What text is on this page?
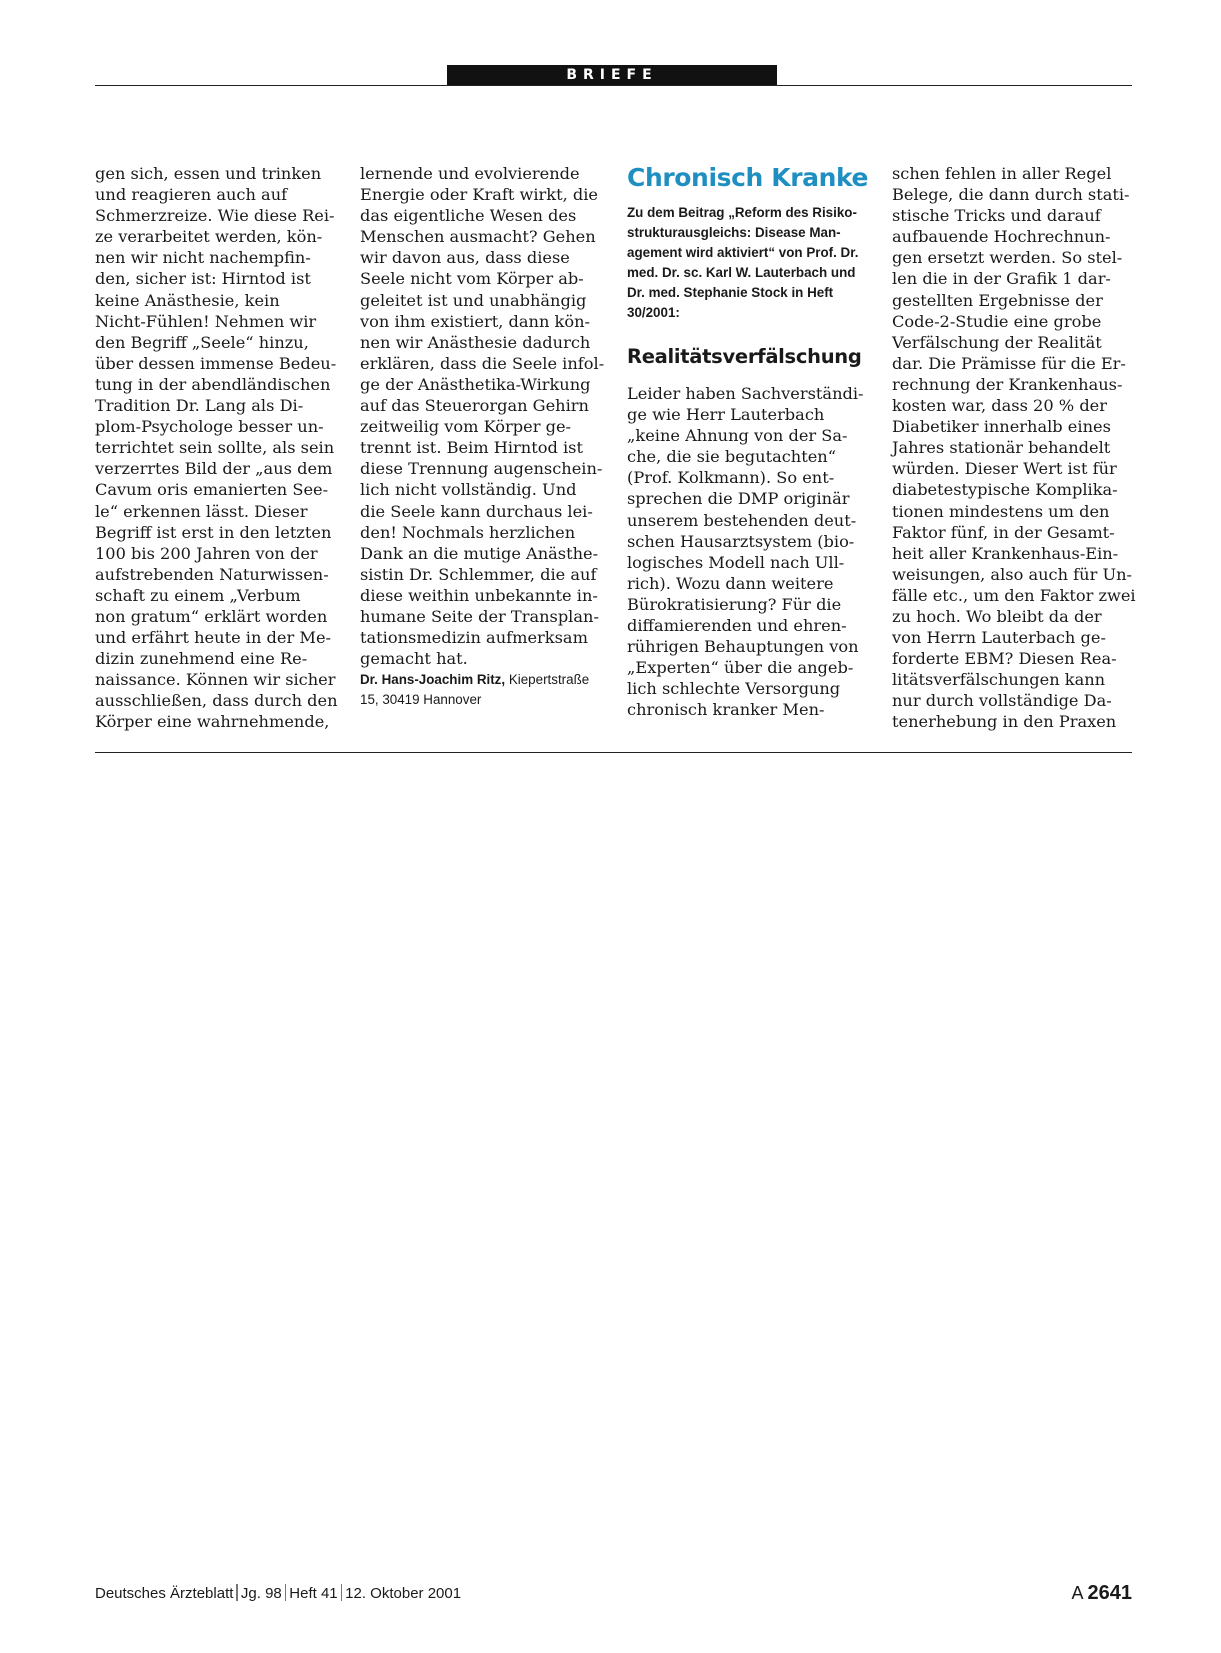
BRIEFE
gen sich, essen und trinken
und reagieren auch auf
Schmerzreize. Wie diese Rei-
ze verarbeitet werden, kön-
nen wir nicht nachempfin-
den, sicher ist: Hirntod ist
keine Anästhesie, kein
Nicht-Fühlen! Nehmen wir
den Begriff „Seele“ hinzu,
über dessen immense Bedeu-
tung in der abendländischen
Tradition Dr. Lang als Di-
plom-Psychologe besser un-
terrichtet sein sollte, als sein
verzerrtes Bild der „aus dem
Cavum oris emanierten See-
le“ erkennen lässt. Dieser
Begriff ist erst in den letzten
100 bis 200 Jahren von der
aufstrebenden Naturwissen-
schaft zu einem „Verbum
non gratum“ erklärt worden
und erfährt heute in der Me-
dizin zunehmend eine Re-
naissance. Können wir sicher
ausschließen, dass durch den
Körper eine wahrnehmende,
lernende und evolvierende
Energie oder Kraft wirkt, die
das eigentliche Wesen des
Menschen ausmacht? Gehen
wir davon aus, dass diese
Seele nicht vom Körper ab-
geleitet ist und unabhängig
von ihm existiert, dann kön-
nen wir Anästhesie dadurch
erklären, dass die Seele infol-
ge der Anästhetika-Wirkung
auf das Steuerorgan Gehirn
zeitweilig vom Körper ge-
trennt ist. Beim Hirntod ist
diese Trennung augenschein-
lich nicht vollständig. Und
die Seele kann durchaus lei-
den! Nochmals herzlichen
Dank an die mutige Anästhe-
sistin Dr. Schlemmer, die auf
diese weithin unbekannte in-
humane Seite der Transplan-
tationsmedizin aufmerksam
gemacht hat.
Dr. Hans-Joachim Ritz, Kiepertstraße
15, 30419 Hannover
Chronisch Kranke
Zu dem Beitrag „Reform des Risiko-
strukturausgleichs: Disease Man-
agement wird aktiviert“ von Prof. Dr.
med. Dr. sc. Karl W. Lauterbach und
Dr. med. Stephanie Stock in Heft
30/2001:
Realitätsverfälschung
Leider haben Sachverständi-
ge wie Herr Lauterbach
„keine Ahnung von der Sa-
che, die sie begutachten“
(Prof. Kolkmann). So ent-
sprechen die DMP originär
unserem bestehenden deut-
schen Hausarztsystem (bio-
logisches Modell nach Ull-
rich). Wozu dann weitere
Bürokratisierung? Für die
diffamierenden und ehren-
rührigen Behauptungen von
„Experten“ über die angeb-
lich schlechte Versorgung
chronisch kranker Men-
schen fehlen in aller Regel
Belege, die dann durch stati-
stische Tricks und darauf
aufbauende Hochrechnun-
gen ersetzt werden. So stel-
len die in der Grafik 1 dar-
gestellten Ergebnisse der
Code-2-Studie eine grobe
Verfälschung der Realität
dar. Die Prämisse für die Er-
rechnung der Krankenhaus-
kosten war, dass 20 % der
Diabetiker innerhalb eines
Jahres stationär behandelt
würden. Dieser Wert ist für
diabetestypische Komplika-
tionen mindestens um den
Faktor fünf, in der Gesamt-
heit aller Krankenhaus-Ein-
weisungen, also auch für Un-
fälle etc., um den Faktor zwei
zu hoch. Wo bleibt da der
von Herrn Lauterbach ge-
forderte EBM? Diesen Rea-
litätsverfälschungen kann
nur durch vollständige Da-
tenerhebung in den Praxen
Deutsches Ärzteblatt Jg. 98 Heft 41 12. Oktober 2001	A 2641
